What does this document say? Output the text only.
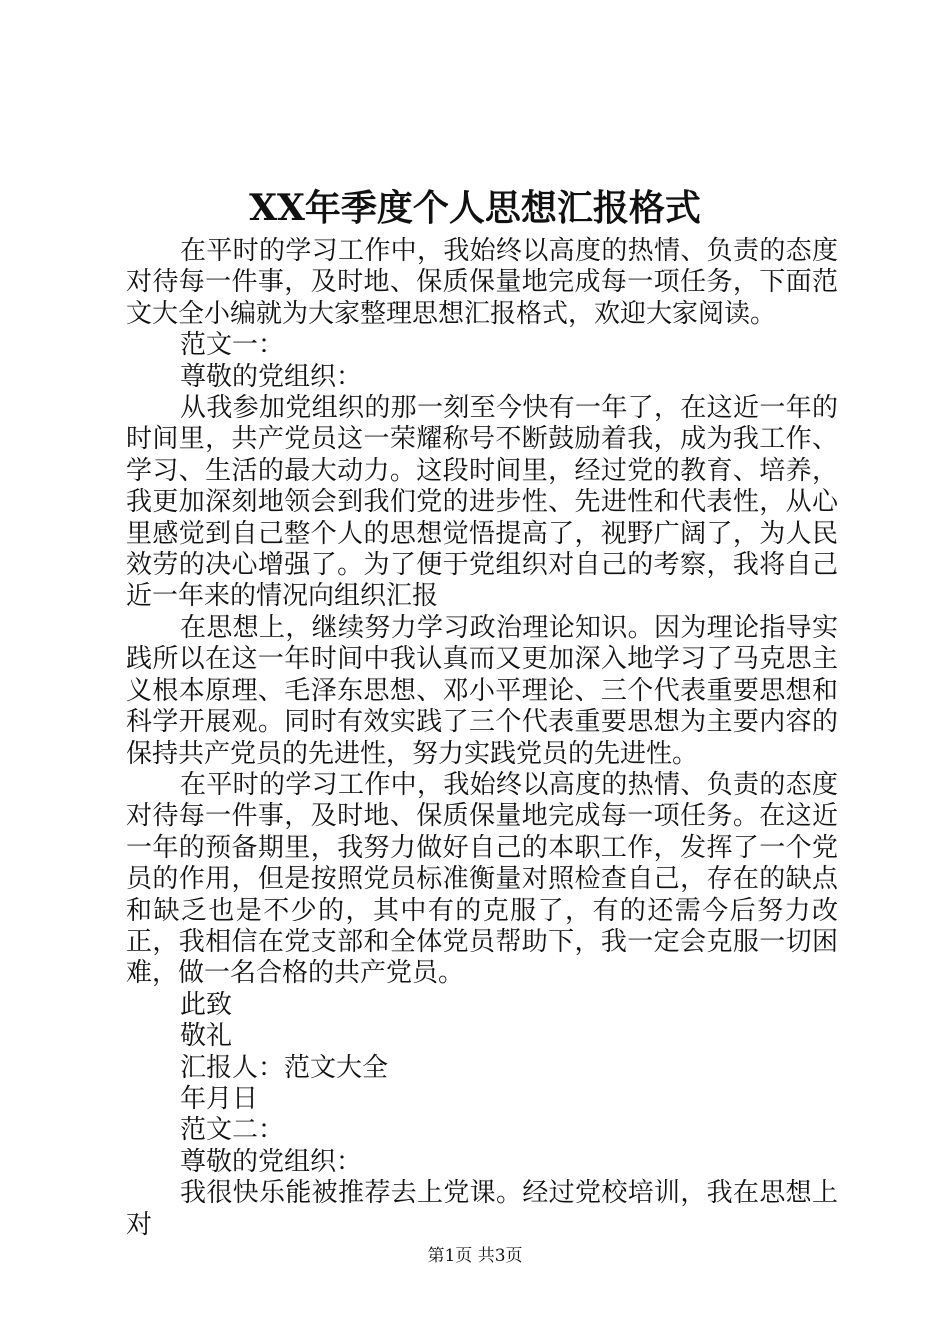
XX年季度个人思想汇报格式

在平时的学习工作中，我始终以高度的热情、负责的态度对待每一件事，及时地、保质保量地完成每一项任务，下面范文大全小编就为大家整理思想汇报格式，欢迎大家阅读。

范文一：

尊敬的党组织：

从我参加党组织的那一刻至今快有一年了，在这近一年的时间里，共产党员这一荣耀称号不断鼓励着我，成为我工作、学习、生活的最大动力。这段时间里，经过党的教育、培养，我更加深刻地领会到我们党的进步性、先进性和代表性，从心里感觉到自己整个人的思想觉悟提高了，视野广阔了，为人民效劳的决心增强了。为了便于党组织对自己的考察，我将自己近一年来的情况向组织汇报

在思想上，继续努力学习政治理论知识。因为理论指导实践所以在这一年时间中我认真而又更加深入地学习了马克思主义根本原理、毛泽东思想、邓小平理论、三个代表重要思想和科学开展观。同时有效实践了三个代表重要思想为主要内容的保持共产党员的先进性，努力实践党员的先进性。

在平时的学习工作中，我始终以高度的热情、负责的态度对待每一件事，及时地、保质保量地完成每一项任务。在这近一年的预备期里，我努力做好自己的本职工作，发挥了一个党员的作用，但是按照党员标准衡量对照检查自己，存在的缺点和缺乏也是不少的，其中有的克服了，有的还需今后努力改正，我相信在党支部和全体党员帮助下，我一定会克服一切困难，做一名合格的共产党员。

此致

敬礼

汇报人：范文大全

年月日

范文二：

尊敬的党组织：

我很快乐能被推荐去上党课。经过党校培训，我在思想上对

第1页 共3页
